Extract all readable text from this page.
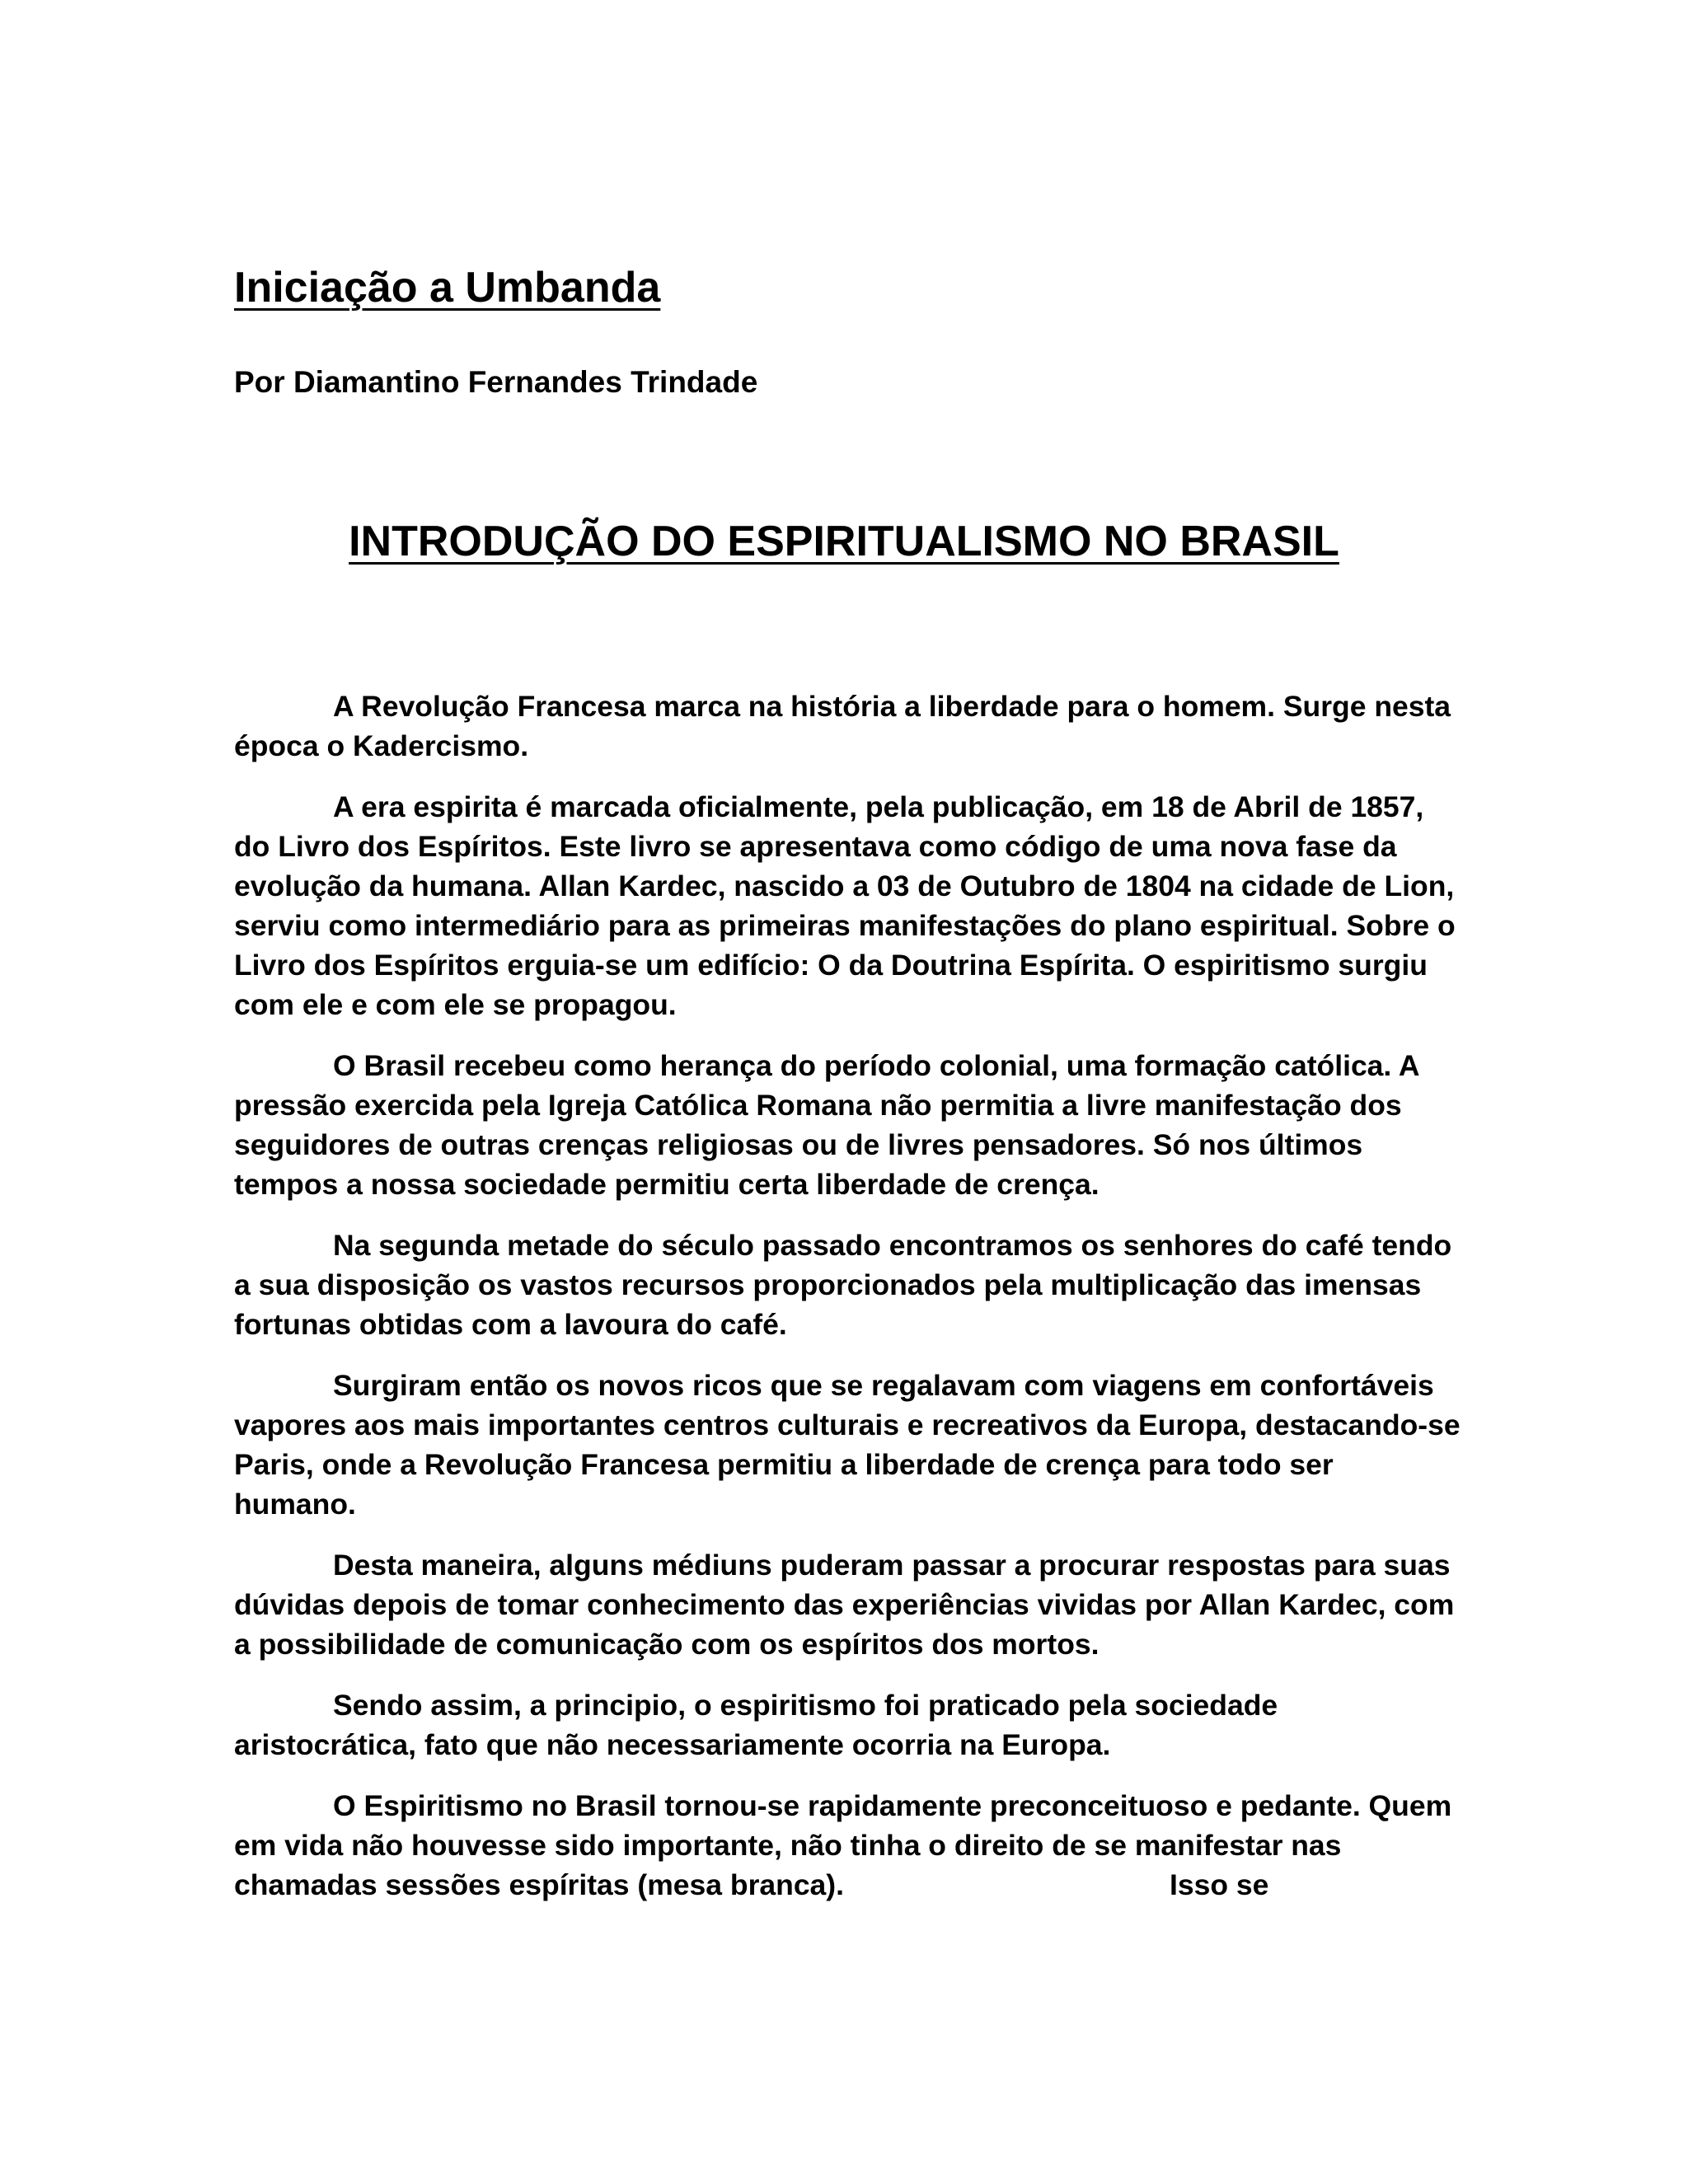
Iniciação a Umbanda

Por Diamantino Fernandes Trindade

INTRODUÇÃO DO ESPIRITUALISMO NO BRASIL

A Revolução Francesa marca na história a liberdade para o homem. Surge nesta época o Kadercismo.

A era espirita é marcada oficialmente, pela publicação, em 18 de Abril de 1857, do Livro dos Espíritos. Este livro se apresentava como código de uma nova fase da evolução da humana. Allan Kardec, nascido a 03 de Outubro de 1804 na cidade de Lion, serviu como intermediário para as primeiras manifestações do plano espiritual. Sobre o Livro dos Espíritos erguia-se um edifício: O da Doutrina Espírita. O espiritismo surgiu com ele e com ele se propagou.

O Brasil recebeu como herança do período colonial, uma formação católica. A pressão exercida pela Igreja Católica Romana não permitia a livre manifestação dos seguidores de outras crenças religiosas ou de livres pensadores. Só nos últimos tempos a nossa sociedade permitiu certa liberdade de crença.

Na segunda metade do século passado encontramos os senhores do café tendo a sua disposição os vastos recursos proporcionados pela multiplicação das imensas fortunas obtidas com a lavoura do café.

Surgiram então os novos ricos que se regalavam com viagens em confortáveis vapores aos mais importantes centros culturais e recreativos da Europa, destacando-se Paris, onde a Revolução Francesa permitiu a liberdade de crença para todo ser humano.

Desta maneira, alguns médiuns puderam passar a procurar respostas para suas dúvidas depois de tomar conhecimento das experiências vividas por Allan Kardec, com a possibilidade de comunicação com os espíritos dos mortos.

Sendo assim, a principio, o espiritismo foi praticado pela sociedade aristocrática, fato que não necessariamente ocorria na Europa.

O Espiritismo no Brasil tornou-se rapidamente preconceituoso e pedante. Quem em vida não houvesse sido importante, não tinha o direito de se manifestar nas chamadas sessões espíritas (mesa branca).	Isso se
